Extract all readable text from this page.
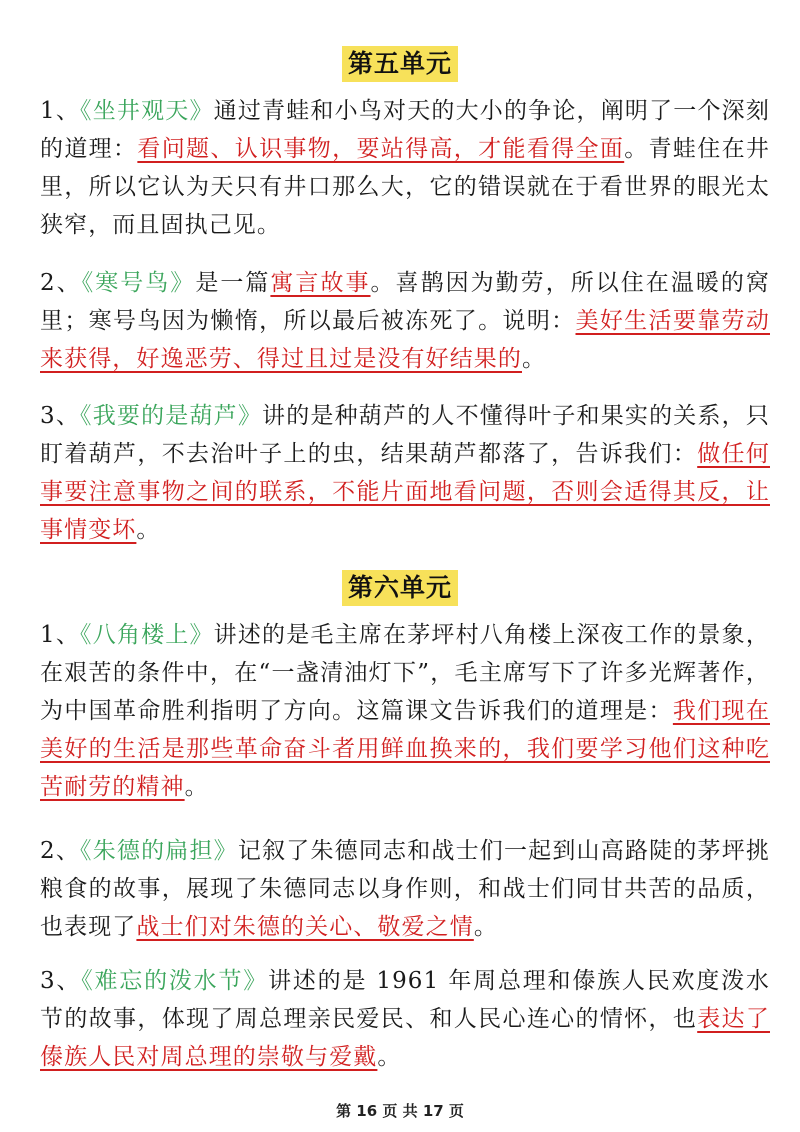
第五单元
1、《坐井观天》通过青蛙和小鸟对天的大小的争论，阐明了一个深刻的道理：看问题、认识事物，要站得高，才能看得全面。青蛙住在井里，所以它认为天只有井口那么大，它的错误就在于看世界的眼光太狭窄，而且固执己见。
2、《寒号鸟》是一篇寓言故事。喜鹊因为勤劳，所以住在温暖的窝里；寒号鸟因为懒惰，所以最后被冻死了。说明：美好生活要靠劳动来获得，好逸恶劳、得过且过是没有好结果的。
3、《我要的是葫芦》讲的是种葫芦的人不懂得叶子和果实的关系，只盯着葫芦，不去治叶子上的虫，结果葫芦都落了，告诉我们：做任何事要注意事物之间的联系，不能片面地看问题，否则会适得其反，让事情变坏。
第六单元
1、《八角楼上》讲述的是毛主席在茅坪村八角楼上深夜工作的景象，在艰苦的条件中，在“一盏清油灯下”，毛主席写下了许多光辉著作，为中国革命胜利指明了方向。这篇课文告诉我们的道理是：我们现在美好的生活是那些革命奋斗者用鲜血换来的，我们要学习他们这种吃苦耐劳的精神。
2、《朱德的扁担》记叙了朱德同志和战士们一起到山高路陡的茅坪挑粮食的故事，展现了朱德同志以身作则，和战士们同甘共苦的品质，也表现了战士们对朱德的关心、敬爱之情。
3、《难忘的泼水节》讲述的是 1961 年周总理和傣族人民欢度泼水节的故事，体现了周总理亲民爱民、和人民心连心的情怀，也表达了傣族人民对周总理的崇敬与爱戴。
第 16 页 共 17 页
